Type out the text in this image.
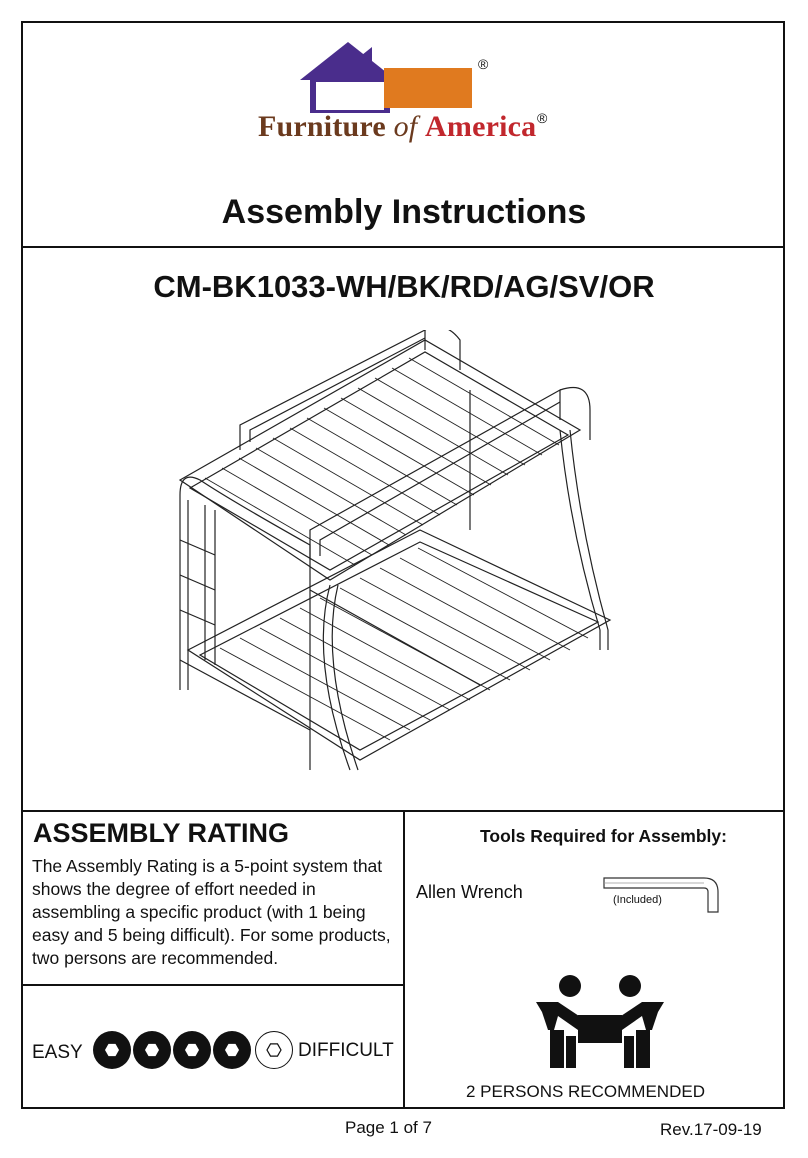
®
Furniture of America ®
Assembly Instructions
CM-BK1033-WH/BK/RD/AG/SV/OR
ASSEMBLY RATING
The Assembly Rating is a 5-point system that shows the degree of effort needed in assembling a specific product (with 1 being easy and 5 being difficult). For some products, two persons are recommended.
EASY	DIFFICULT
Tools Required for Assembly:
Allen Wrench	(Included)
2 PERSONS RECOMMENDED
Page 1 of 7	Rev.17-09-19
